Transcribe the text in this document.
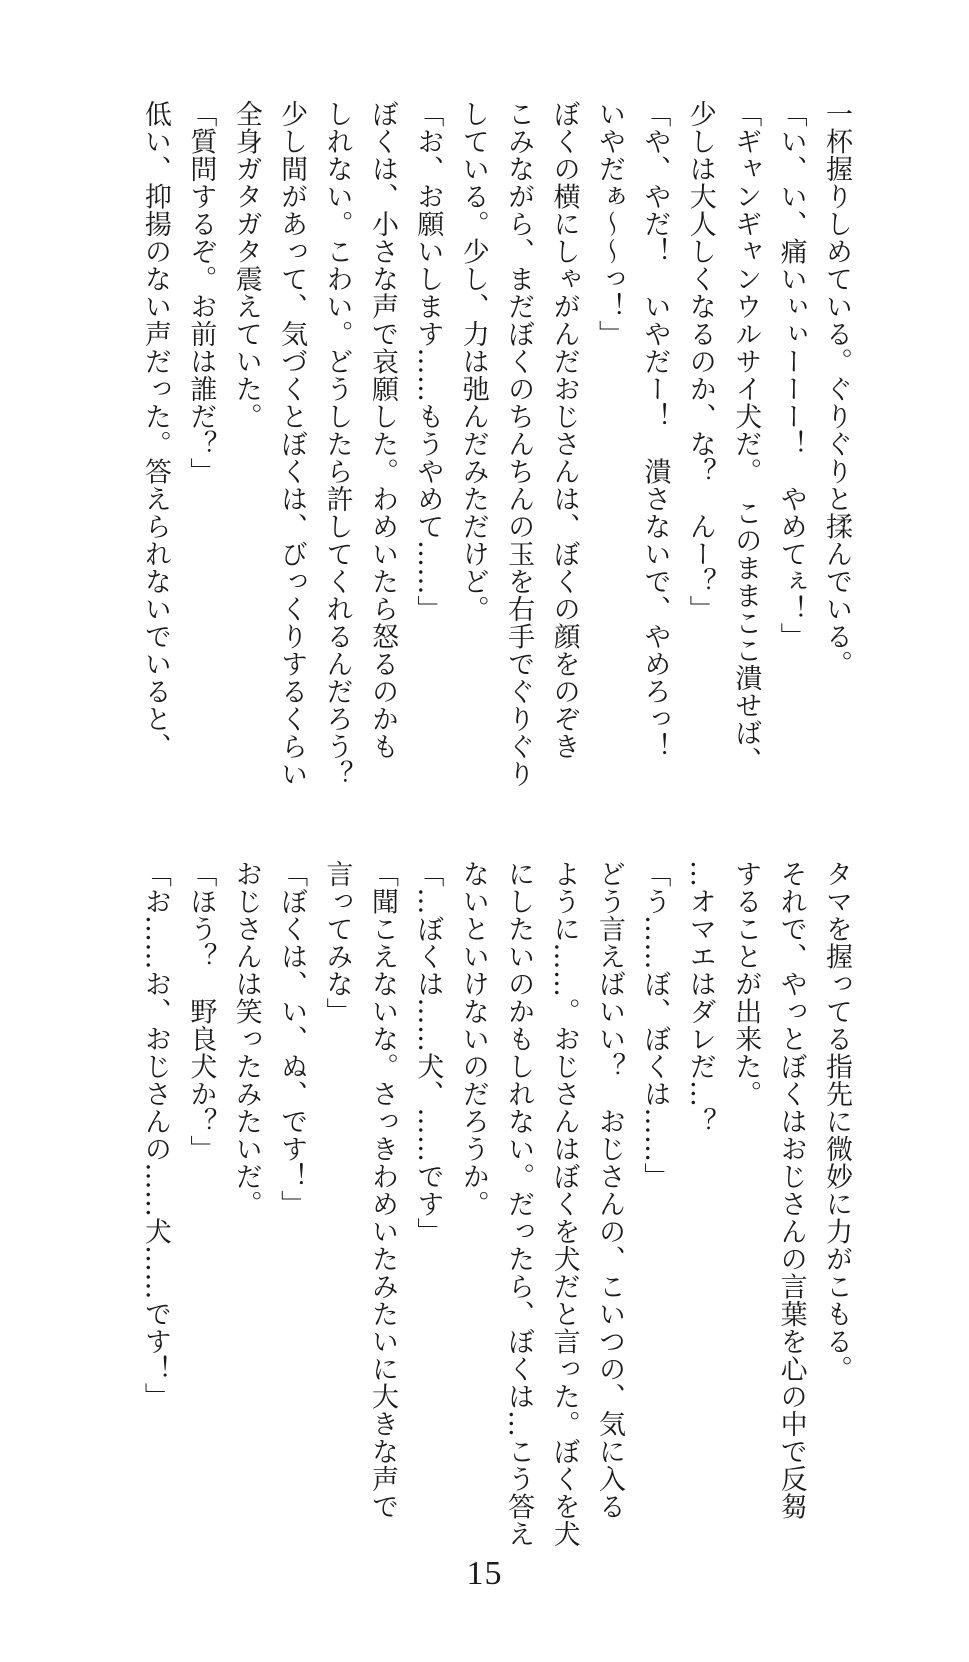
一杯握りしめている。ぐりぐりと揉んでいる。
「い、い、痛いぃぃーーー！　やめてぇ！」
「ギャンギャンウルサイ犬だ。　このままここ潰せば、
少しは大人しくなるのか、な？　んー？」
「や、やだ！　いやだー！　潰さないで、やめろっ！
いやだぁ〜〜っ！」
ぼくの横にしゃがんだおじさんは、ぼくの顔をのぞき
こみながら、まだぼくのちんちんの玉を右手でぐりぐり
している。少し、力は弛んだみただけど。
「お、お願いします……もうやめて……」
ぼくは、小さな声で哀願した。わめいたら怒るのかも
しれない。こわい。どうしたら許してくれるんだろう？
少し間があって、気づくとぼくは、びっくりするくらい
全身ガタガタ震えていた。
「質問するぞ。お前は誰だ？」
低い、抑揚のない声だった。答えられないでいると、
タマを握ってる指先に微妙に力がこもる。
それで、やっとぼくはおじさんの言葉を心の中で反芻
することが出来た。
…オマエはダレだ…？
「う……ぼ、ぼくは……」
どう言えばいい？　おじさんの、こいつの、気に入る
ように……。おじさんはぼくを犬だと言った。ぼくを犬
にしたいのかもしれない。だったら、ぼくは…こう答え
ないといけないのだろうか。
「…ぼくは……犬、……です」
「聞こえないな。さっきわめいたみたいに大きな声で
言ってみな」
「ぼくは、い、ぬ、です！」
おじさんは笑ったみたいだ。
「ほう？　野良犬か？」
「お……お、おじさんの……犬……です！」
15
